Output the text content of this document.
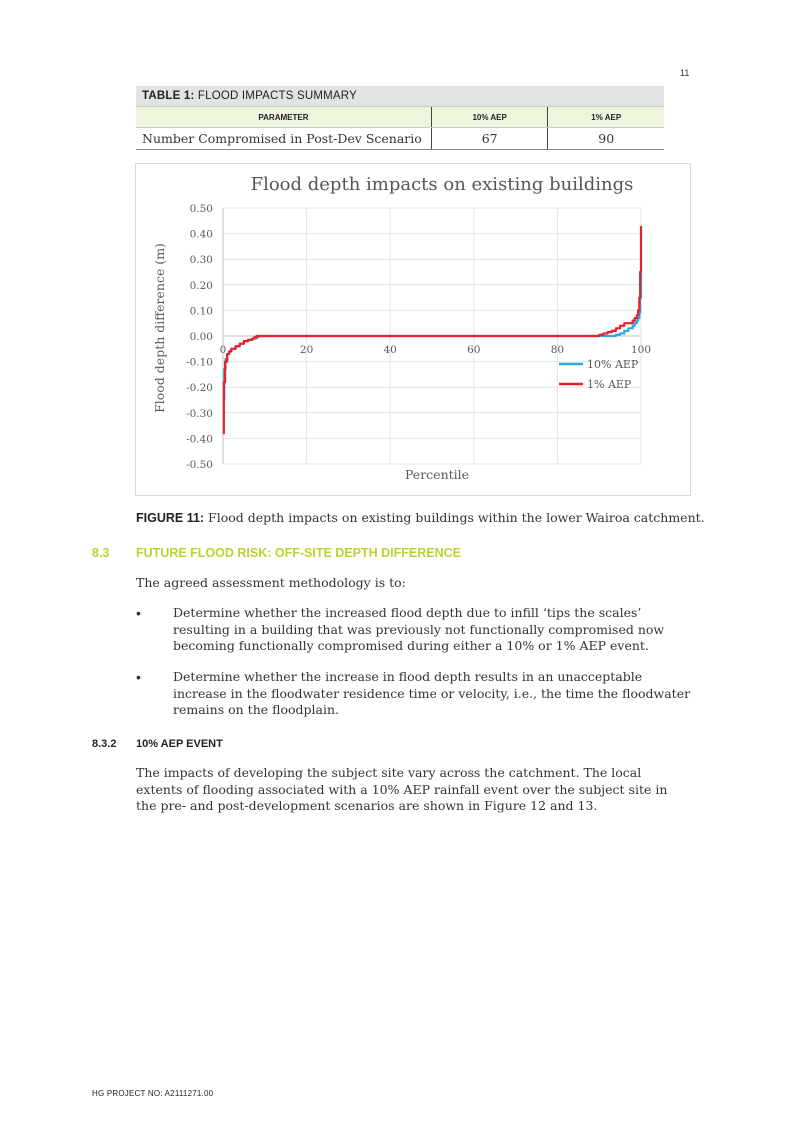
11
TABLE 1: FLOOD IMPACTS SUMMARY
PARAMETER	10% AEP	1% AEP
Number Compromised in Post-Dev Scenario	67	90
Flood depth impacts on existing buildings
0.50
0.40
0.30
0.20
0.10
0.00
-0.10
-0.20
-0.30
-0.40
-0.50
0	20	40	60	80	100
Percentile
Flood depth difference (m)	10% AEP
1% AEP
FIGURE 11: Flood depth impacts on existing buildings within the lower Wairoa catchment.
8.3 FUTURE FLOOD RISK: OFF-SITE DEPTH DIFFERENCE
The agreed assessment methodology is to:
•	Determine whether the increased flood depth due to infill ‘tips the scales’ resulting in a building that was previously not functionally compromised now becoming functionally compromised during either a 10% or 1% AEP event.
•	Determine whether the increase in flood depth results in an unacceptable increase in the floodwater residence time or velocity, i.e., the time the floodwater remains on the floodplain.
8.3.2 10% AEP EVENT
The impacts of developing the subject site vary across the catchment. The local extents of flooding associated with a 10% AEP rainfall event over the subject site in the pre- and post-development scenarios are shown in Figure 12 and 13.
HG PROJECT NO: A2111271.00
